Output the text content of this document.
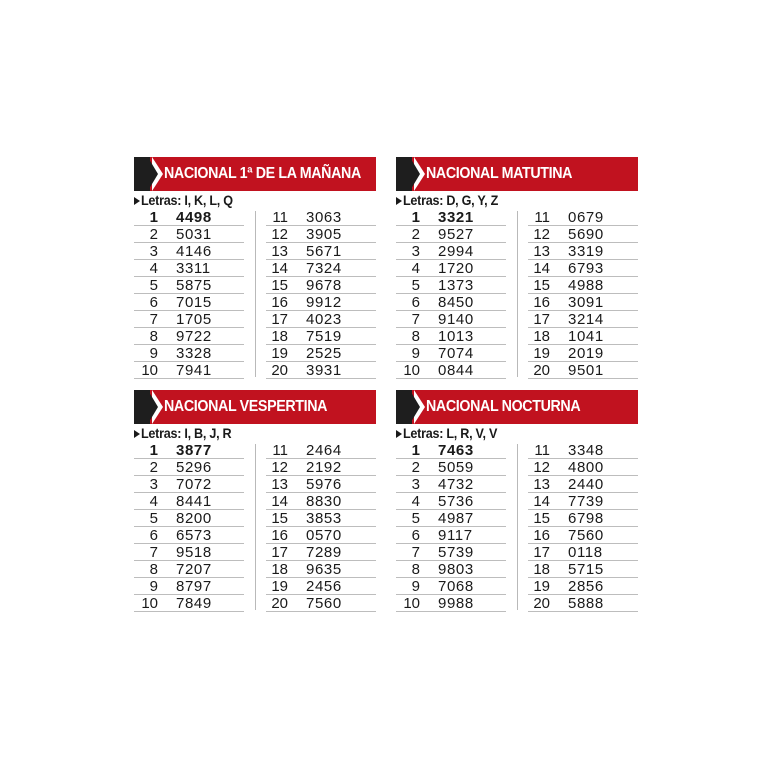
NACIONAL 1ª DE LA MAÑANA
Letras: I, K, L, Q
1 4498
2 5031
3 4146
4 3311
5 5875
6 7015
7 1705
8 9722
9 3328
10 7941
11 3063
12 3905
13 5671
14 7324
15 9678
16 9912
17 4023
18 7519
19 2525
20 3931
NACIONAL MATUTINA
Letras: D, G, Y, Z
1 3321
2 9527
3 2994
4 1720
5 1373
6 8450
7 9140
8 1013
9 7074
10 0844
11 0679
12 5690
13 3319
14 6793
15 4988
16 3091
17 3214
18 1041
19 2019
20 9501
NACIONAL VESPERTINA
Letras: I, B, J, R
1 3877
2 5296
3 7072
4 8441
5 8200
6 6573
7 9518
8 7207
9 8797
10 7849
11 2464
12 2192
13 5976
14 8830
15 3853
16 0570
17 7289
18 9635
19 2456
20 7560
NACIONAL NOCTURNA
Letras: L, R, V, V
1 7463
2 5059
3 4732
4 5736
5 4987
6 9117
7 5739
8 9803
9 7068
10 9988
11 3348
12 4800
13 2440
14 7739
15 6798
16 7560
17 0118
18 5715
19 2856
20 5888
